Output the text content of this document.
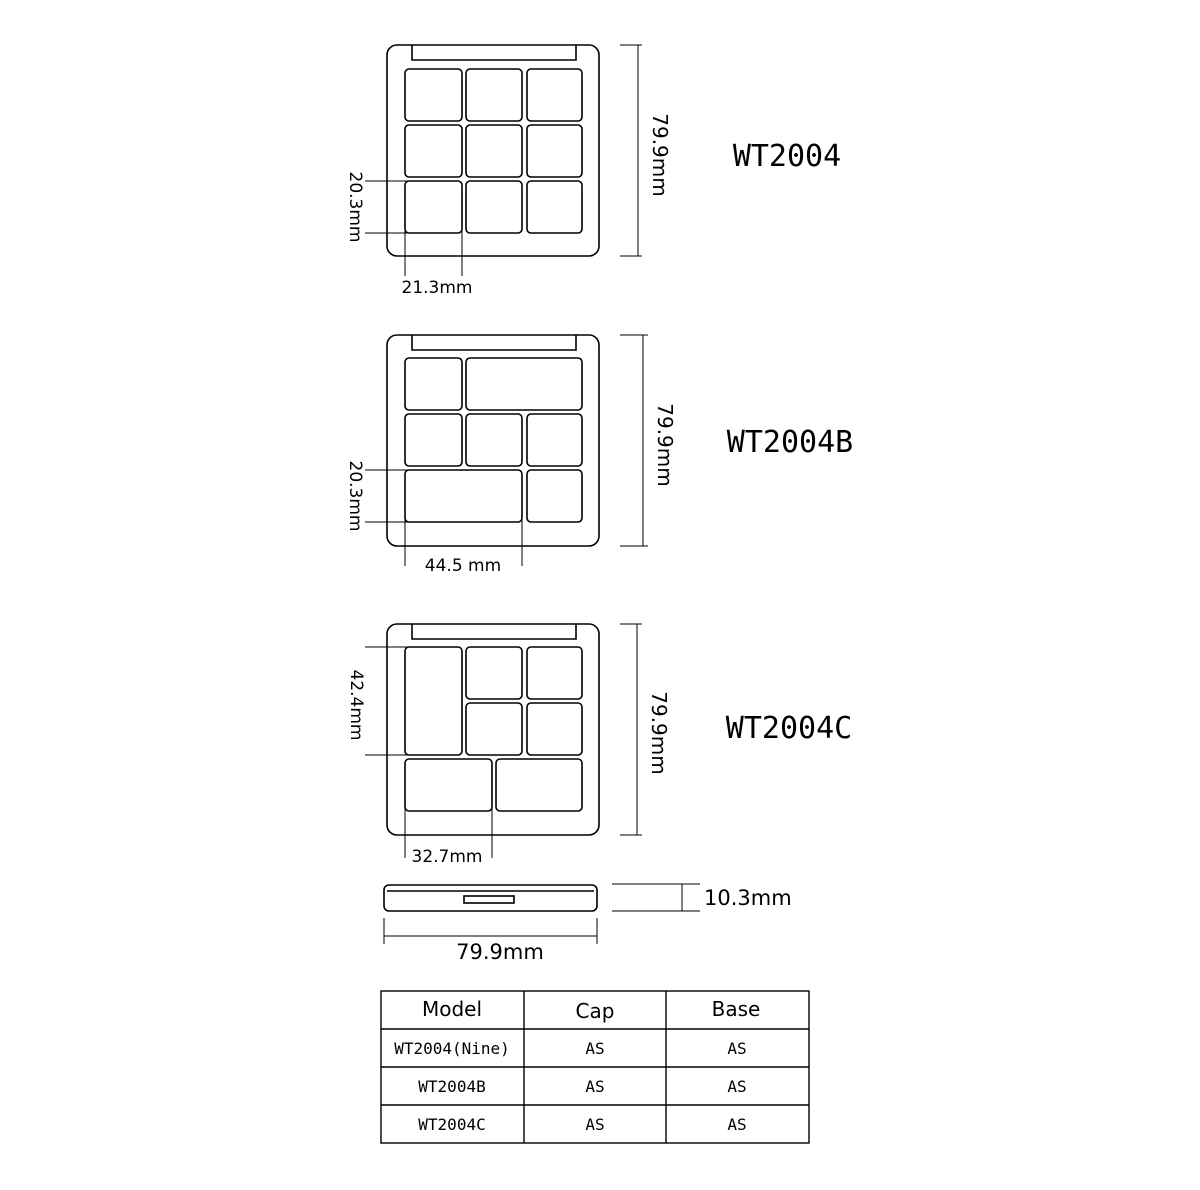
WT2004
79.9mm
20.3mm
21.3mm
WT2004B
79.9mm
20.3mm
44.5 mm
WT2004C
79.9mm
42.4mm
32.7mm
10.3mm
79.9mm
Model	Cap	Base
WT2004(Nine)	AS	AS
WT2004B	AS	AS
WT2004C	AS	AS
